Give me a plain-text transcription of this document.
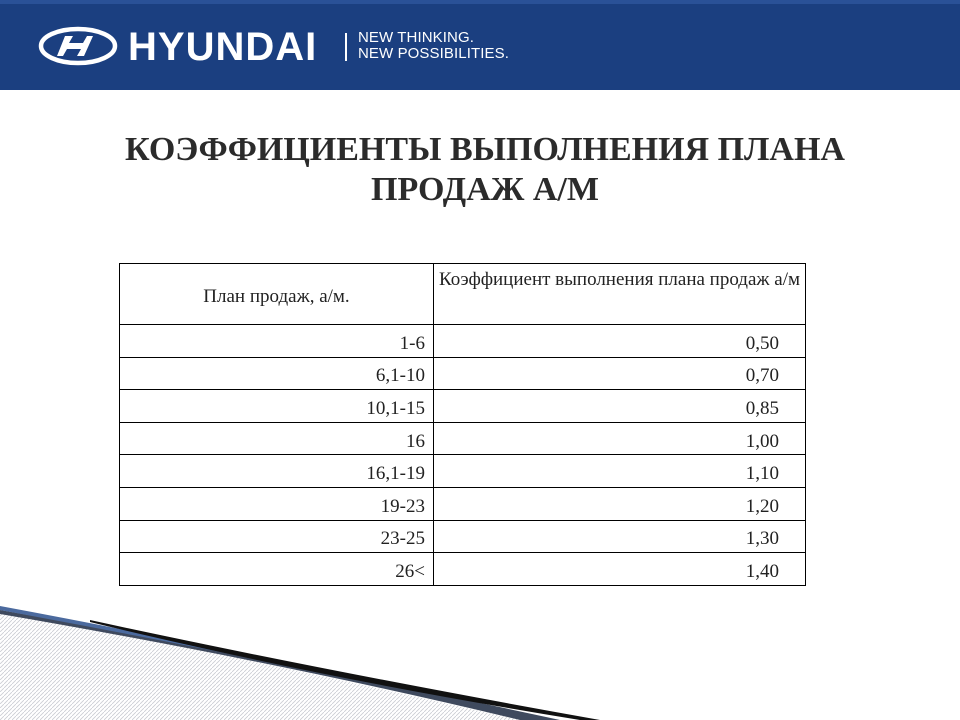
HYUNDAI	NEW THINKING.
NEW POSSIBILITIES.
КОЭФФИЦИЕНТЫ ВЫПОЛНЕНИЯ ПЛАНА
ПРОДАЖ А/М
План продаж, а/м.	Коэффициент выполнения плана продаж а/м
1-6	0,50
6,1-10	0,70
10,1-15	0,85
16	1,00
16,1-19	1,10
19-23	1,20
23-25	1,30
26<	1,40
